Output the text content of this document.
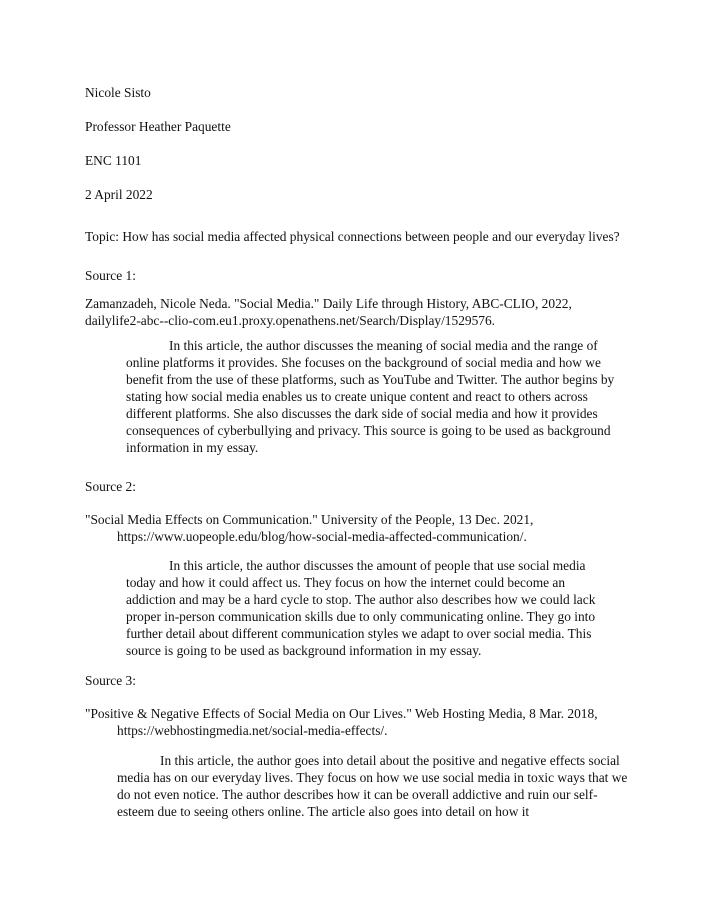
Nicole Sisto
Professor Heather Paquette
ENC 1101
2 April 2022
Topic: How has social media affected physical connections between people and our everyday lives?
Source 1:
Zamanzadeh, Nicole Neda. "Social Media." Daily Life through History, ABC-CLIO, 2022, dailylife2-abc--clio-com.eu1.proxy.openathens.net/Search/Display/1529576.
In this article, the author discusses the meaning of social media and the range of online platforms it provides. She focuses on the background of social media and how we benefit from the use of these platforms, such as YouTube and Twitter. The author begins by stating how social media enables us to create unique content and react to others across different platforms. She also discusses the dark side of social media and how it provides consequences of cyberbullying and privacy. This source is going to be used as background information in my essay.
Source 2:
"Social Media Effects on Communication." University of the People, 13 Dec. 2021, https://www.uopeople.edu/blog/how-social-media-affected-communication/.
In this article, the author discusses the amount of people that use social media today and how it could affect us. They focus on how the internet could become an addiction and may be a hard cycle to stop. The author also describes how we could lack proper in-person communication skills due to only communicating online. They go into further detail about different communication styles we adapt to over social media. This source is going to be used as background information in my essay.
Source 3:
"Positive & Negative Effects of Social Media on Our Lives." Web Hosting Media, 8 Mar. 2018, https://webhostingmedia.net/social-media-effects/.
In this article, the author goes into detail about the positive and negative effects social media has on our everyday lives. They focus on how we use social media in toxic ways that we do not even notice. The author describes how it can be overall addictive and ruin our self-esteem due to seeing others online. The article also goes into detail on how it
